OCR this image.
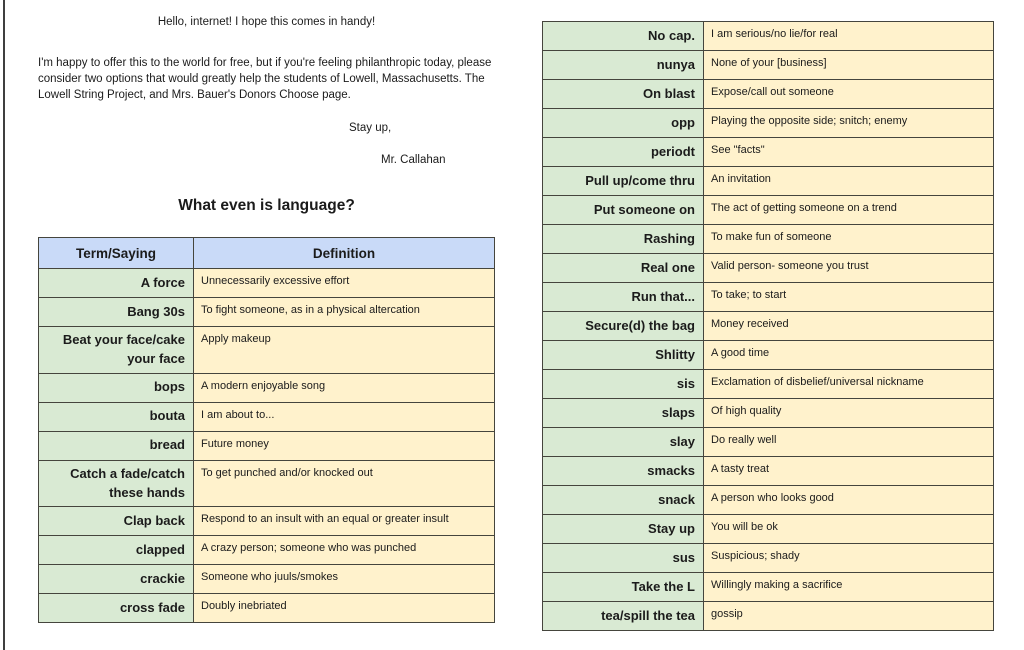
Hello, internet! I hope this comes in handy!
I'm happy to offer this to the world for free, but if you're feeling philanthropic today, please consider two options that would greatly help the students of Lowell, Massachusetts. The Lowell String Project, and Mrs. Bauer's Donors Choose page.
Stay up,
Mr. Callahan
What even is language?
Term/Saying	Definition
A force	Unnecessarily excessive effort
Bang 30s	To fight someone, as in a physical altercation
Beat your face/cake your face	Apply makeup
bops	A modern enjoyable song
bouta	I am about to...
bread	Future money
Catch a fade/catch these hands	To get punched and/or knocked out
Clap back	Respond to an insult with an equal or greater insult
clapped	A crazy person; someone who was punched
crackie	Someone who juuls/smokes
cross fade	Doubly inebriated
No cap.	I am serious/no lie/for real
nunya	None of your [business]
On blast	Expose/call out someone
opp	Playing the opposite side; snitch; enemy
periodt	See "facts"
Pull up/come thru	An invitation
Put someone on	The act of getting someone on a trend
Rashing	To make fun of someone
Real one	Valid person- someone you trust
Run that...	To take; to start
Secure(d) the bag	Money received
Shlitty	A good time
sis	Exclamation of disbelief/universal nickname
slaps	Of high quality
slay	Do really well
smacks	A tasty treat
snack	A person who looks good
Stay up	You will be ok
sus	Suspicious; shady
Take the L	Willingly making a sacrifice
tea/spill the tea	gossip
